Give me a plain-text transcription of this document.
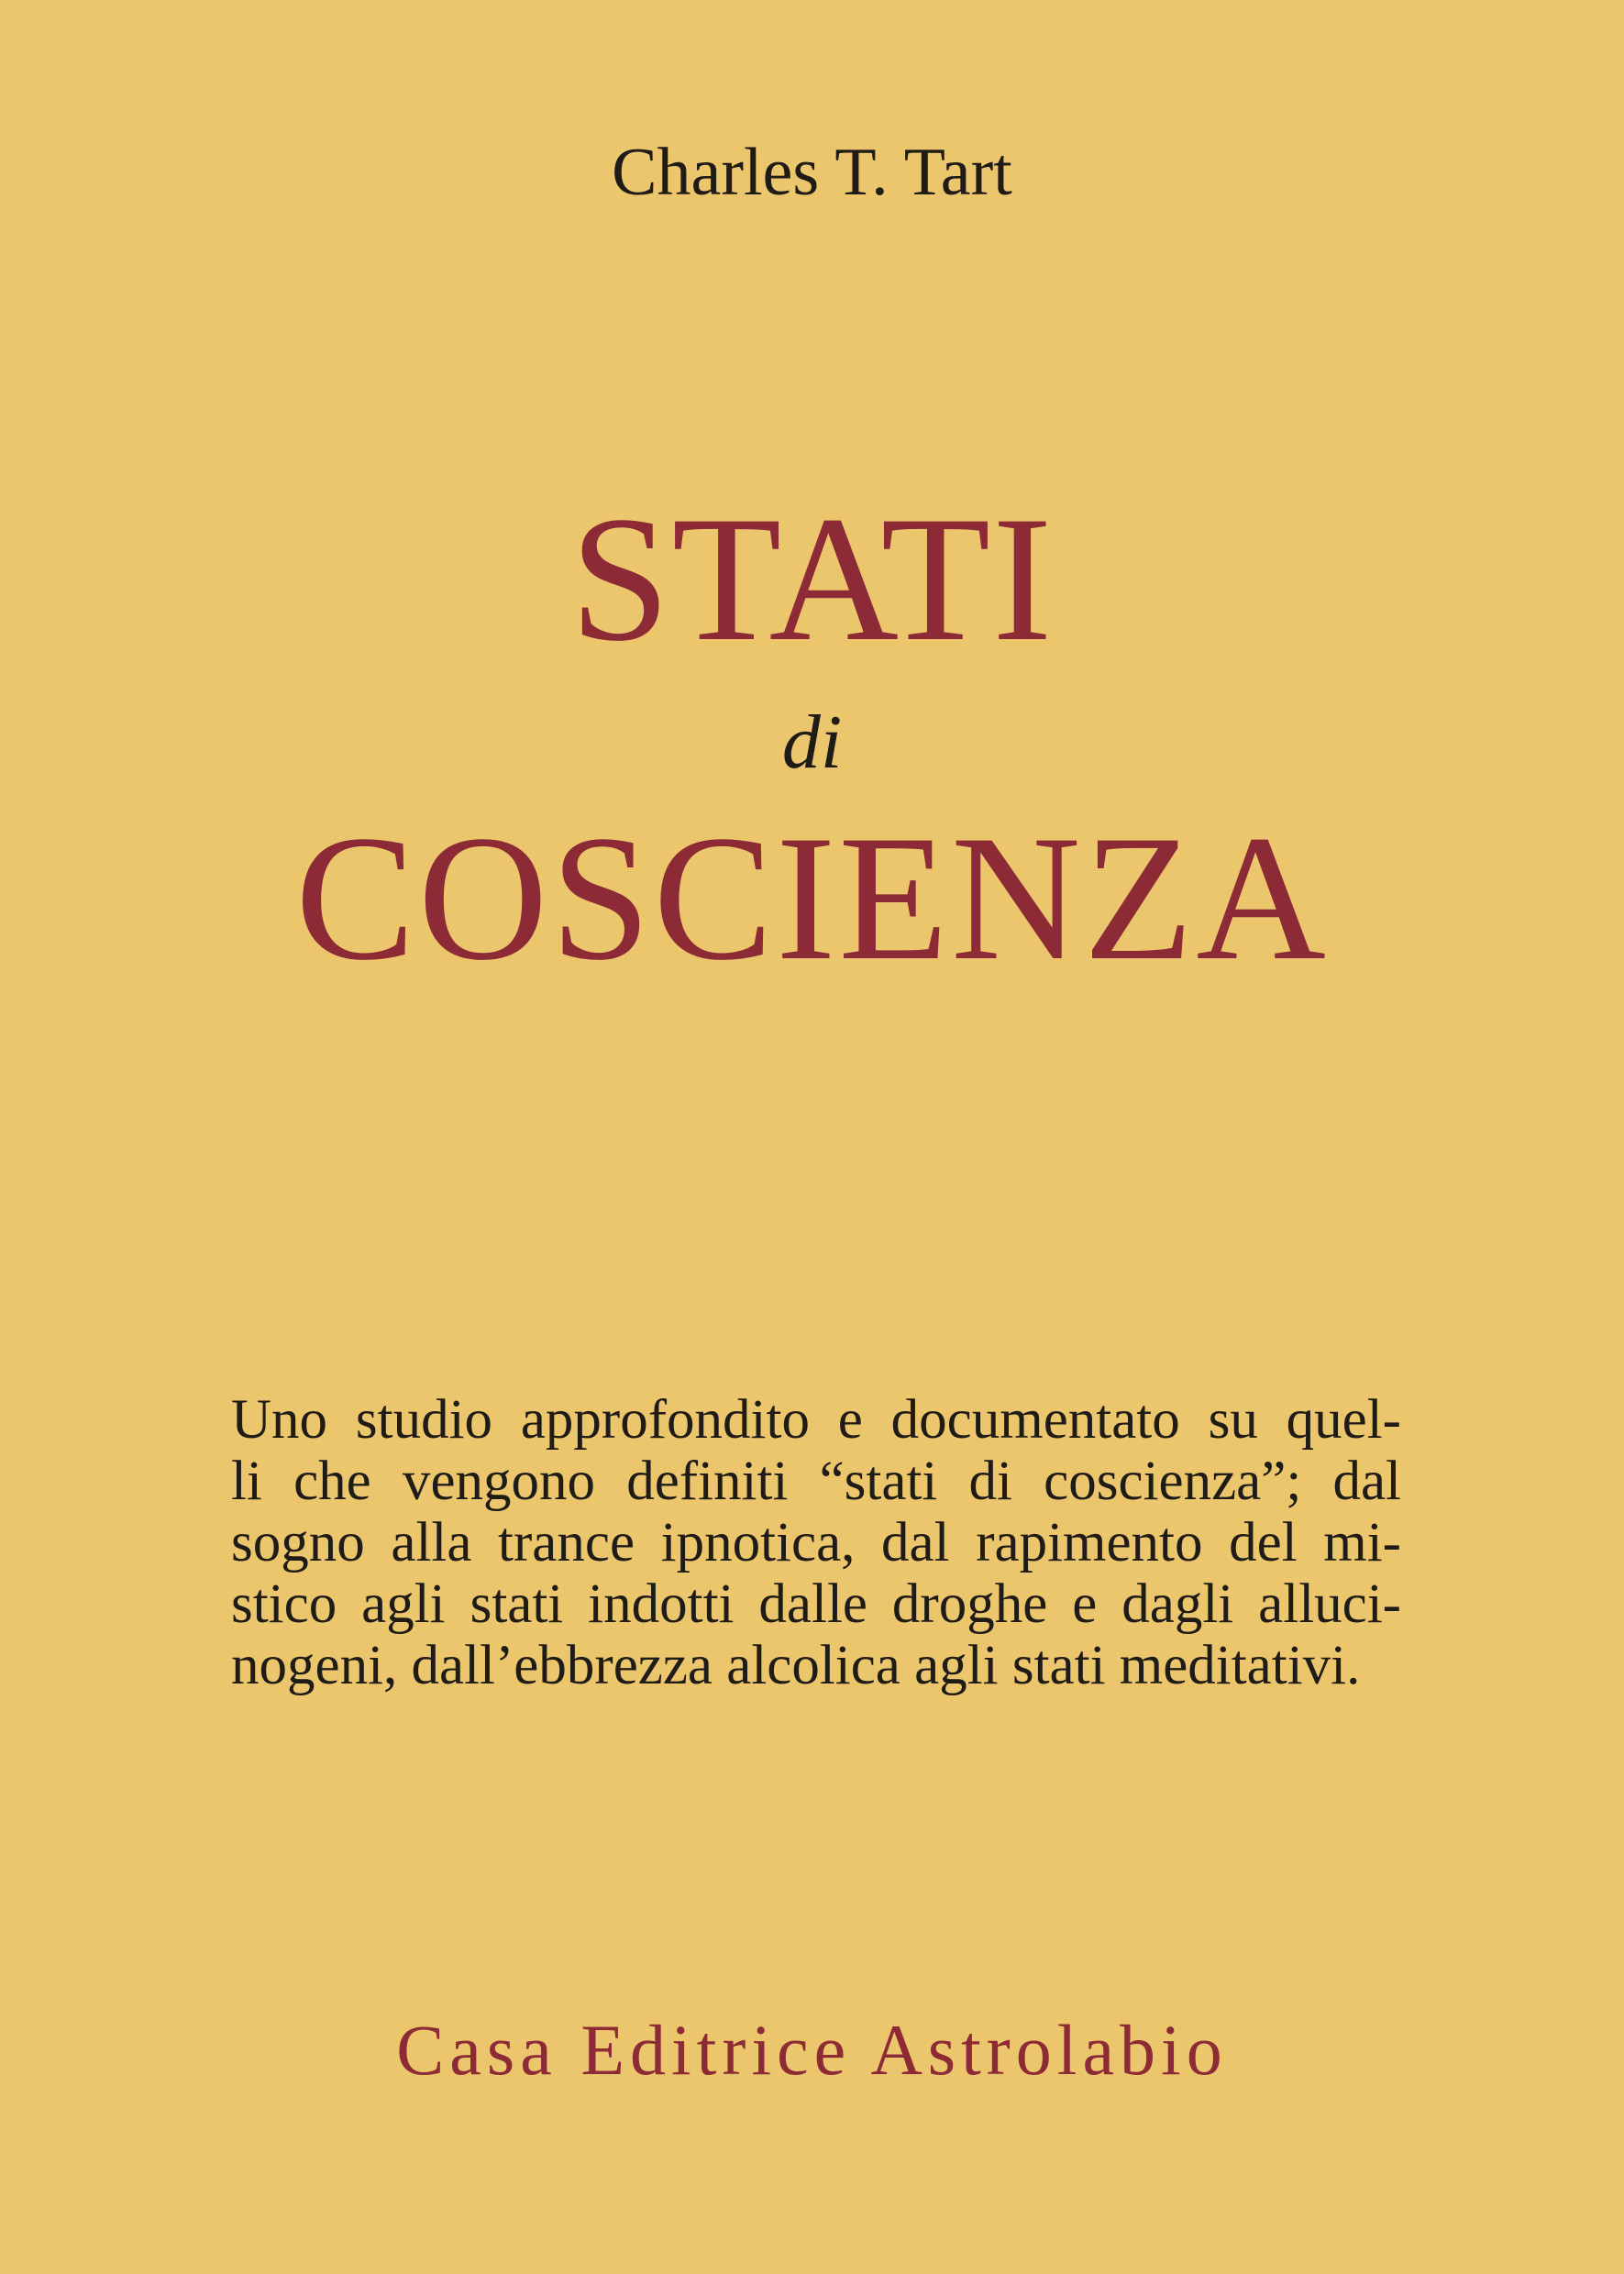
Charles T. Tart
STATI
di
COSCIENZA
Uno studio approfondito e documentato su quel-
li che vengono definiti “stati di coscienza”; dal
sogno alla trance ipnotica, dal rapimento del mi-
stico agli stati indotti dalle droghe e dagli alluci-
nogeni, dall’ebbrezza alcolica agli stati meditativi.
Casa Editrice Astrolabio
